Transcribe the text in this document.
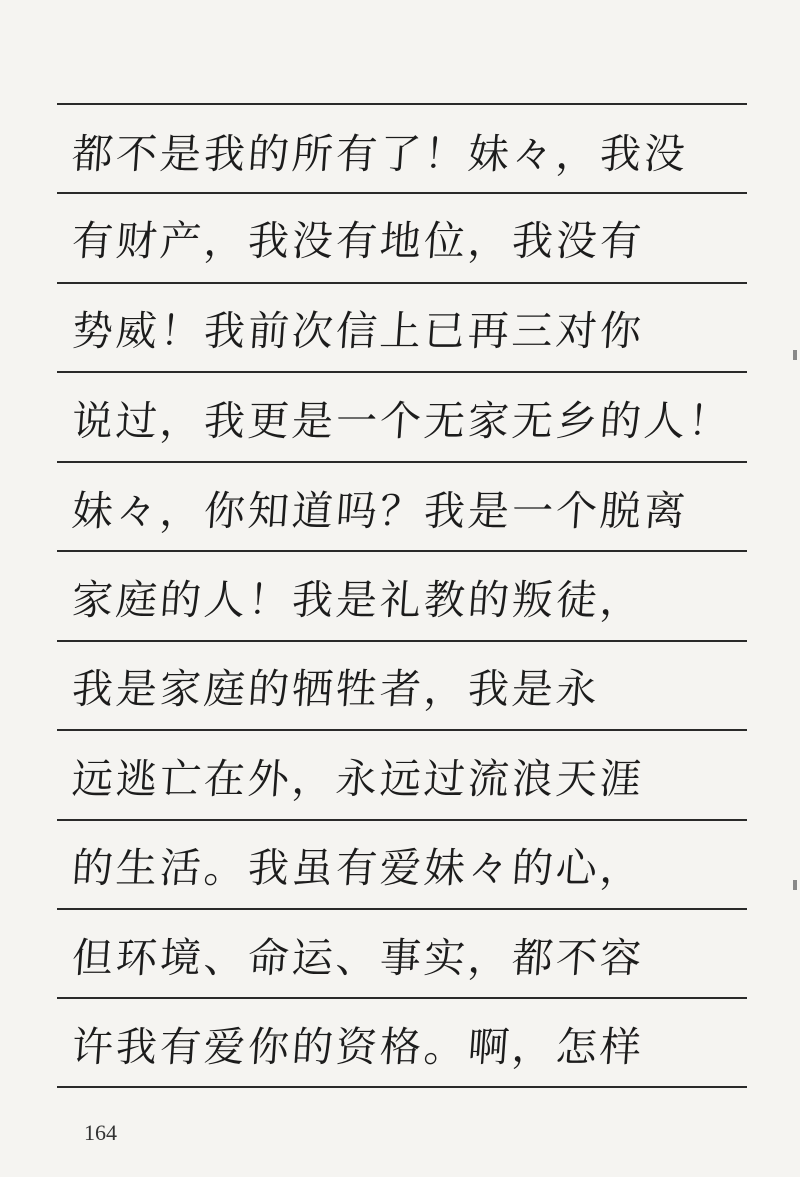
都不是我的所有了！妹々，我没
有财产，我没有地位，我没有
势威！我前次信上已再三对你
说过，我更是一个无家无乡的人！
妹々，你知道吗？我是一个脱离
家庭的人！我是礼教的叛徒，
我是家庭的牺牲者，我是永
远逃亡在外，永远过流浪天涯
的生活。我虽有爱妹々的心，
但环境、命运、事实，都不容
许我有爱你的资格。啊，怎样
164
